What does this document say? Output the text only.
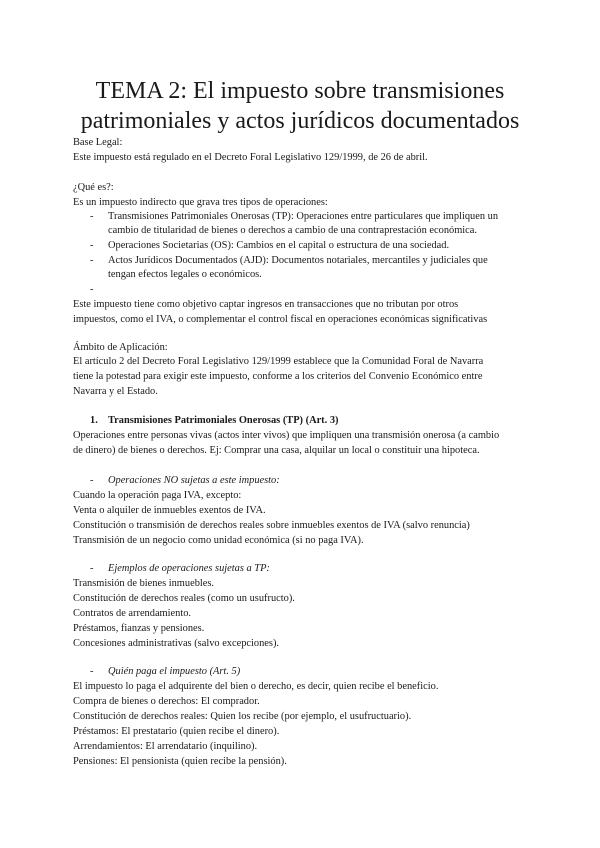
TEMA 2: El impuesto sobre transmisiones patrimoniales y actos jurídicos documentados

Base Legal:

Este impuesto está regulado en el Decreto Foral Legislativo 129/1999, de 26 de abril.

¿Qué es?:

Es un impuesto indirecto que grava tres tipos de operaciones:

- Transmisiones Patrimoniales Onerosas (TP): Operaciones entre particulares que impliquen un

cambio de titularidad de bienes o derechos a cambio de una contraprestación económica.

- Operaciones Societarias (OS): Cambios en el capital o estructura de una sociedad.

- Actos Jurídicos Documentados (AJD): Documentos notariales, mercantiles y judiciales que

tengan efectos legales o económicos.

-

Este impuesto tiene como objetivo captar ingresos en transacciones que no tributan por otros

impuestos, como el IVA, o complementar el control fiscal en operaciones económicas significativas

Ámbito de Aplicación:

El artículo 2 del Decreto Foral Legislativo 129/1999 establece que la Comunidad Foral de Navarra

tiene la potestad para exigir este impuesto, conforme a los criterios del Convenio Económico entre

Navarra y el Estado.

1. Transmisiones Patrimoniales Onerosas (TP) (Art. 3)

Operaciones entre personas vivas (actos inter vivos) que impliquen una transmisión onerosa (a cambio

de dinero) de bienes o derechos. Ej: Comprar una casa, alquilar un local o constituir una hipoteca.

- Operaciones NO sujetas a este impuesto:

Cuando la operación paga IVA, excepto:

Venta o alquiler de inmuebles exentos de IVA.

Constitución o transmisión de derechos reales sobre inmuebles exentos de IVA (salvo renuncia)

Transmisión de un negocio como unidad económica (si no paga IVA).

- Ejemplos de operaciones sujetas a TP:

Transmisión de bienes inmuebles.

Constitución de derechos reales (como un usufructo).

Contratos de arrendamiento.

Préstamos, fianzas y pensiones.

Concesiones administrativas (salvo excepciones).

- Quién paga el impuesto (Art. 5)

El impuesto lo paga el adquirente del bien o derecho, es decir, quien recibe el beneficio.

Compra de bienes o derechos: El comprador.

Constitución de derechos reales: Quien los recibe (por ejemplo, el usufructuario).

Préstamos: El prestatario (quien recibe el dinero).

Arrendamientos: El arrendatario (inquilino).

Pensiones: El pensionista (quien recibe la pensión).
